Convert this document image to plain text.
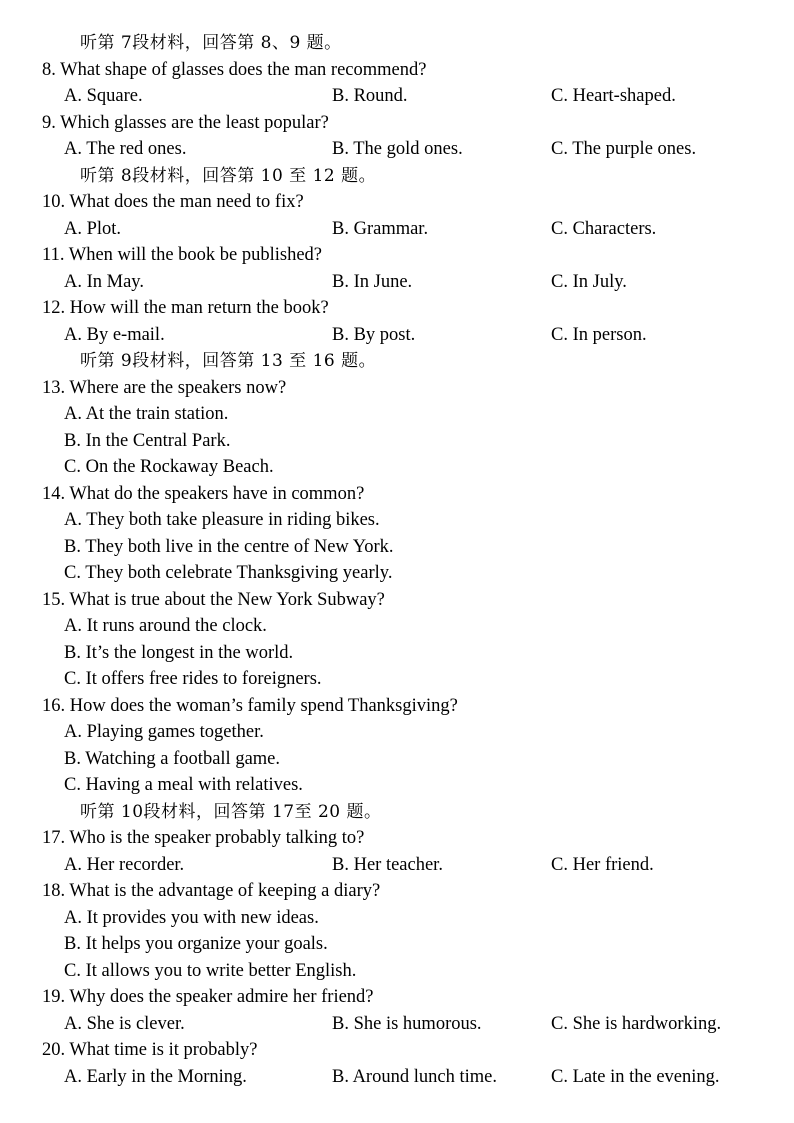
听第 7段材料，回答第 8、9 题。
8. What shape of glasses does the man recommend?
A. Square.	B. Round.	C. Heart-shaped.
9. Which glasses are the least popular?
A. The red ones.	B. The gold ones.	C. The purple ones.
听第 8段材料，回答第 10 至 12 题。
10. What does the man need to fix?
A. Plot.	B. Grammar.	C. Characters.
11. When will the book be published?
A. In May.	B. In June.	C. In July.
12. How will the man return the book?
A. By e-mail.	B. By post.	C. In person.
听第 9段材料，回答第 13 至 16 题。
13. Where are the speakers now?
A. At the train station.
B. In the Central Park.
C. On the Rockaway Beach.
14. What do the speakers have in common?
A. They both take pleasure in riding bikes.
B. They both live in the centre of New York.
C. They both celebrate Thanksgiving yearly.
15. What is true about the New York Subway?
A. It runs around the clock.
B. It’s the longest in the world.
C. It offers free rides to foreigners.
16. How does the woman’s family spend Thanksgiving?
A. Playing games together.
B. Watching a football game.
C. Having a meal with relatives.
听第 10段材料，回答第 17至 20 题。
17. Who is the speaker probably talking to?
A. Her recorder.	B. Her teacher.	C. Her friend.
18. What is the advantage of keeping a diary?
A. It provides you with new ideas.
B. It helps you organize your goals.
C. It allows you to write better English.
19. Why does the speaker admire her friend?
A. She is clever.	B. She is humorous.	C. She is hardworking.
20. What time is it probably?
A. Early in the Morning.	B. Around lunch time.	C. Late in the evening.
